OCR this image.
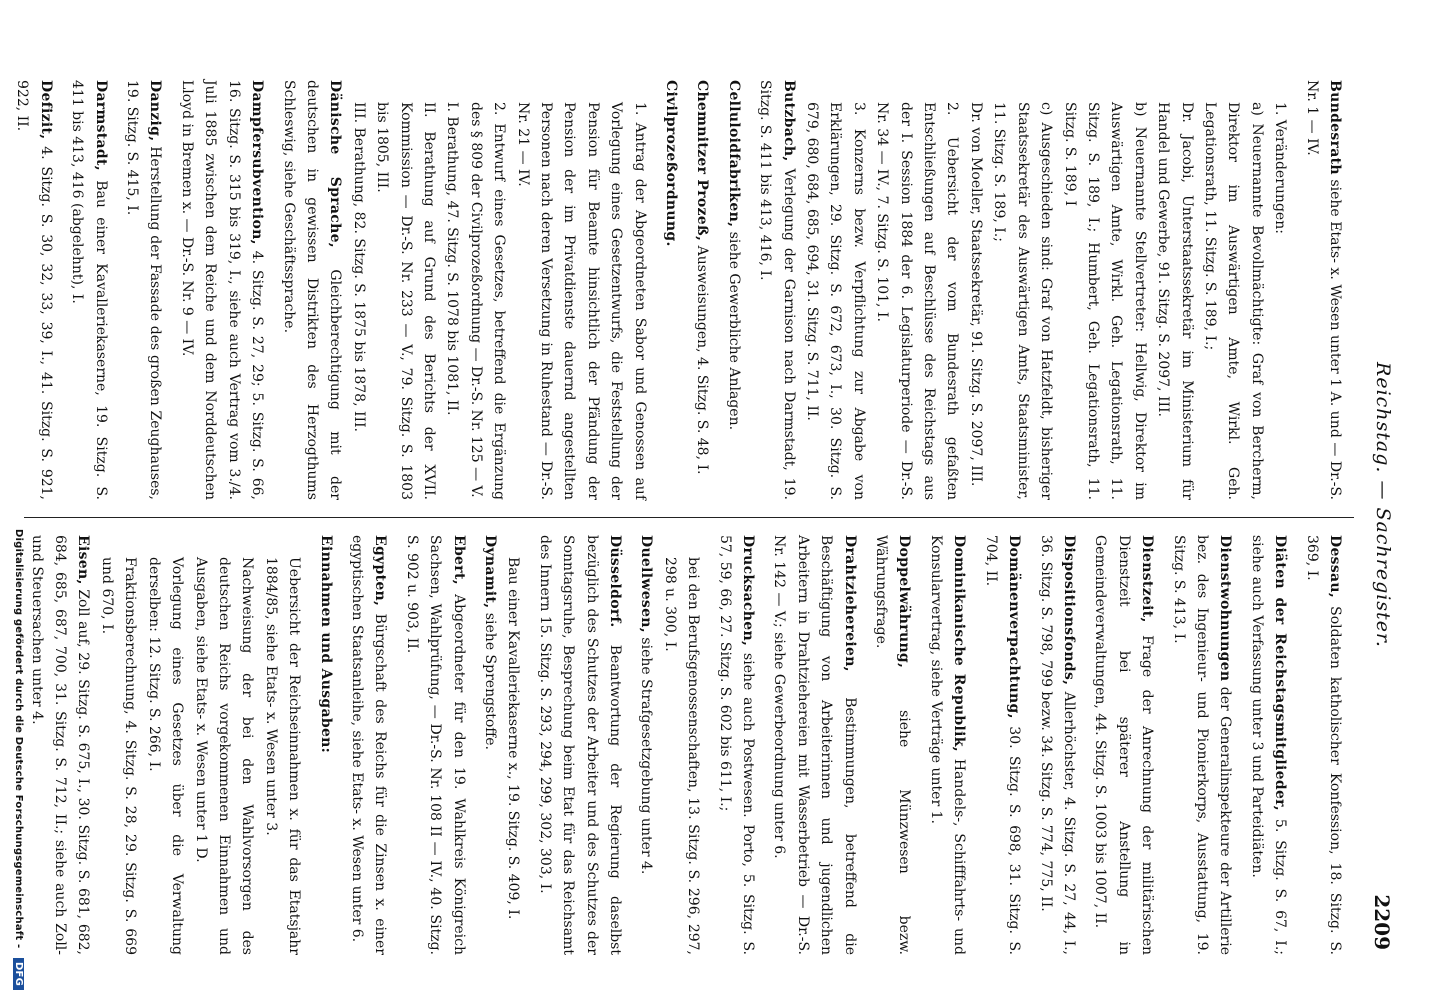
Reichstag. — Sachregister.
2209

Bundesrath siehe Etats- x. Wesen unter 1 A. und — Dr.-S. Nr. 1 — IV.

1. Veränderungen:

a) Neuernannte Bevollmächtigte: Graf von Bercherm, Direktor im Auswärtigen Amte, Wirkl. Geh. Legationsrath, 11. Sitzg. S. 189, I.;

Dr. Jacobi, Unterstaatssekretär im Ministerium für Handel und Gewerbe, 91. Sitzg. S. 2097, III.

b) Neuernannte Stellvertreter: Hellwig, Direktor im Auswärtigen Amte, Wirkl. Geh. Legationsrath, 11. Sitzg. S. 189, I.; Humbert, Geh. Legationsrath, 11. Sitzg. S. 189, I

c) Ausgeschieden sind: Graf von Hatzfeldt, bisheriger Staatssekretär des Auswärtigen Amts, Staatsminister, 11. Sitzg. S. 189, I.;

Dr. von Moeller, Staatssekretär, 91. Sitzg. S. 2097, III.

2. Uebersicht der vom Bundesrath gefaßten Entschließungen auf Beschlüsse des Reichstags aus der I. Session 1884 der 6. Legislaturperiode — Dr.-S. Nr. 34 — IV., 7. Sitzg. S. 101, I.

3. Konzerns bezw. Verpflichtung zur Abgabe von Erklärungen, 29. Sitzg. S. 672, 673, I., 30. Sitzg. S. 679, 680, 684, 685, 694, 31. Sitzg. S. 711, II.

Butzbach, Verlegung der Garnison nach Darmstadt, 19. Sitzg. S. 411 bis 413, 416, I.

Celluloidfabriken, siehe Gewerbliche Anlagen.

Chemnitzer Prozeß, Ausweisungen, 4. Sitzg. S. 48, I.

Civilprozeßordnung.

1. Antrag der Abgeordneten Sabor und Genossen auf Vorlegung eines Gesetzentwurfs, die Feststellung der Pension für Beamte hinsichtlich der Pfändung der Pension der im Privatdienste dauernd angestellten Personen nach deren Versetzung in Ruhestand — Dr.-S. Nr. 21 — IV.

2. Entwurf eines Gesetzes, betreffend die Ergänzung des § 809 der Civilprozeßordnung — Dr.-S. Nr. 125 — V.

I. Berathung, 47. Sitzg. S. 1078 bis 1081, II.

II. Berathung auf Grund des Berichts der XVII. Kommission — Dr.-S. Nr. 233 — V., 79. Sitzg. S. 1803 bis 1805, III.

III. Berathung, 82. Sitzg. S. 1875 bis 1878, III.

Dänische Sprache, Gleichberechtigung mit der deutschen in gewissen Distrikten des Herzogthums Schleswig, siehe Geschäftssprache.

Dampfersubvention, 4. Sitzg. S. 27, 29; 5. Sitzg. S. 66, 16. Sitzg. S. 315 bis 319, I., siehe auch Vertrag vom 3./4. Juli 1885 zwischen dem Reiche und dem Norddeutschen Lloyd in Bremen x. — Dr.-S. Nr. 9 — IV.

Danzig, Herstellung der Fassade des großen Zeughauses, 19. Sitzg. S. 415, I.

Darmstadt, Bau einer Kavalleriekaserne, 19. Sitzg. S. 411 bis 413, 416 (abgelehnt), I.

Defizit, 4. Sitzg. S. 30, 32, 33, 39, I., 41. Sitzg. S. 921, 922, II.

Dessau, Soldaten katholischer Konfession, 18. Sitzg. S. 369, I.

Diäten der Reichstagsmitglieder, 5. Sitzg. S. 67, I.; siehe auch Verfassung unter 3 und Parteidiäten.

Dienstwohnungen der Generalinspekteure der Artillerie bez. des Ingenieur- und Pionierkorps, Ausstattung, 19. Sitzg. S. 413, I.

Dienstzeit, Frage der Anrechnung der militärischen Dienstzeit bei späterer Anstellung in Gemeindeverwaltungen, 44. Sitzg. S. 1003 bis 1007, II.

Dispositionsfonds, Allerhöchster, 4. Sitzg. S. 27, 44, I., 36. Sitzg. S. 798, 799 bezw. 34. Sitzg. S. 774, 775, II.

Domänenverpachtung, 30. Sitzg. S. 698, 31. Sitzg. S. 704, II.

Dominikanische Republik, Handels-, Schifffahrts- und Konsularvertrag, siehe Verträge unter 1.

Doppelwährung, siehe Münzwesen bezw. Währungsfrage.

Drahtziehereien, Bestimmungen, betreffend die Beschäftigung von Arbeiterinnen und jugendlichen Arbeitern in Drahtziehereien mit Wasserbetrieb — Dr.-S. Nr. 142 — V.; siehe Gewerbeordnung unter 6.

Drucksachen, siehe auch Postwesen. Porto, 5. Sitzg. S. 57, 59, 66, 27. Sitzg. S. 602 bis 611, I.;

bei den Berufsgenossenschaften, 13. Sitzg. S. 296, 297, 298 u. 300, I.

Duellwesen, siehe Strafgesetzgebung unter 4.

Düsseldorf. Beantwortung der Regierung daselbst bezüglich des Schutzes der Arbeiter und des Schutzes der Sonntagsruhe, Besprechung beim Etat für das Reichsamt des Innern 15. Sitzg. S. 293, 294, 299, 302, 303, I.

Bau einer Kavalleriekaserne x., 19. Sitzg. S. 409, I.

Dynamit, siehe Sprengstoffe.

Ebert, Abgeordneter für den 19. Wahlkreis Königreich Sachsen, Wahlprüfung, — Dr.-S. Nr. 108 II — IV., 40. Sitzg. S. 902 u. 903, II.

Egypten, Bürgschaft des Reichs für die Zinsen x. einer egyptischen Staatsanleihe, siehe Etats- x. Wesen unter 6.

Einnahmen und Ausgaben:

Uebersicht der Reichseinnahmen x. für das Etatsjahr 1884/85, siehe Etats- x. Wesen unter 3.

Nachweisung der bei den Wahlvorsorgen des deutschen Reichs vorgekommenen Einnahmen und Ausgaben, siehe Etats- x. Wesen unter 1 D.

Vorlegung eines Gesetzes über die Verwaltung derselben: 12. Sitzg. S. 266, I.

Fraktionsberechnung, 4. Sitzg. S. 28, 29. Sitzg. S. 669 und 670, I.

Eisen, Zoll auf, 29. Sitzg. S. 675, I., 30. Sitzg. S. 681, 682, 684, 685, 687, 700, 31. Sitzg. S. 712, II.; siehe auch Zoll- und Steuersachen unter 4.

Digitalisierung gefördert durch die Deutsche Forschungsgemeinschaft - DFG
